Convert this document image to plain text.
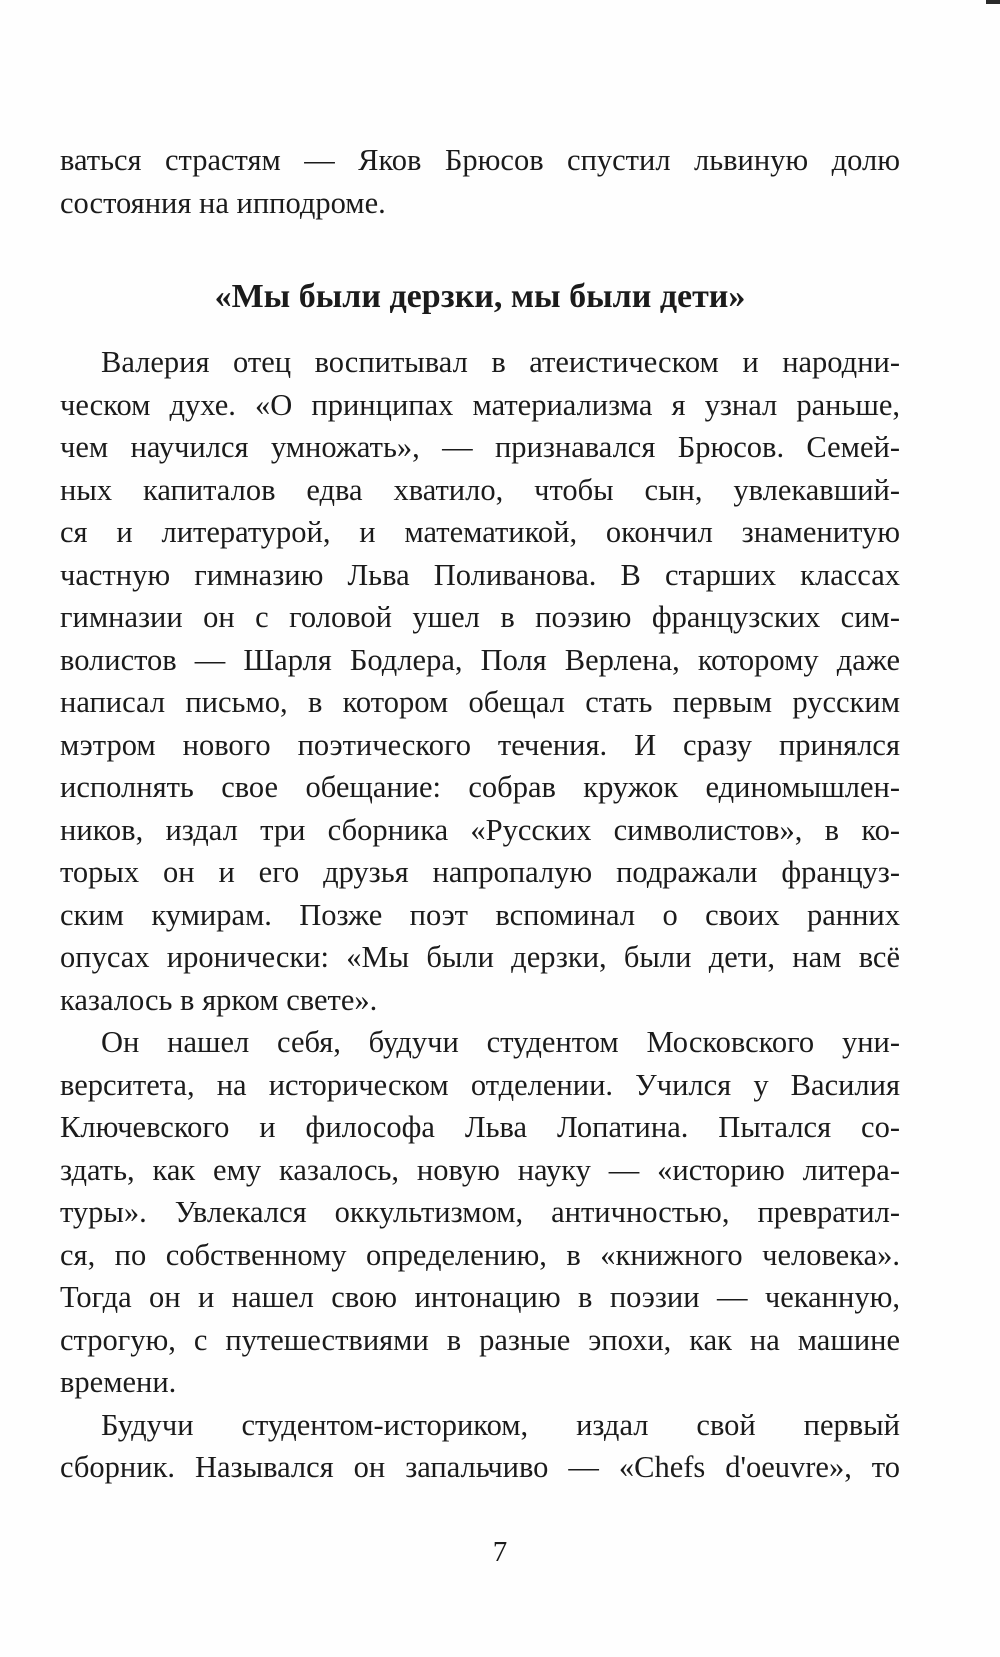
ваться страстям — Яков Брюсов спустил львиную долю
состояния на ипподроме.
«Мы были дерзки, мы были дети»
Валерия отец воспитывал в атеистическом и народни-
ческом духе. «О принципах материализма я узнал раньше,
чем научился умножать», — признавался Брюсов. Семей-
ных капиталов едва хватило, чтобы сын, увлекавший-
ся и литературой, и математикой, окончил знаменитую
частную гимназию Льва Поливанова. В старших классах
гимназии он с головой ушел в поэзию французских сим-
волистов — Шарля Бодлера, Поля Верлена, которому даже
написал письмо, в котором обещал стать первым русским
мэтром нового поэтического течения. И сразу принялся
исполнять свое обещание: собрав кружок единомышлен-
ников, издал три сборника «Русских символистов», в ко-
торых он и его друзья напропалую подражали француз-
ским кумирам. Позже поэт вспоминал о своих ранних
опусах иронически: «Мы были дерзки, были дети, нам всё
казалось в ярком свете».
Он нашел себя, будучи студентом Московского уни-
верситета, на историческом отделении. Учился у Василия
Ключевского и философа Льва Лопатина. Пытался со-
здать, как ему казалось, новую науку — «историю литера-
туры». Увлекался оккультизмом, античностью, превратил-
ся, по собственному определению, в «книжного человека».
Тогда он и нашел свою интонацию в поэзии — чеканную,
строгую, с путешествиями в разные эпохи, как на машине
времени.
Будучи студентом-историком, издал свой первый
сборник. Назывался он запальчиво — «Chefs d'oeuvre», то
7
